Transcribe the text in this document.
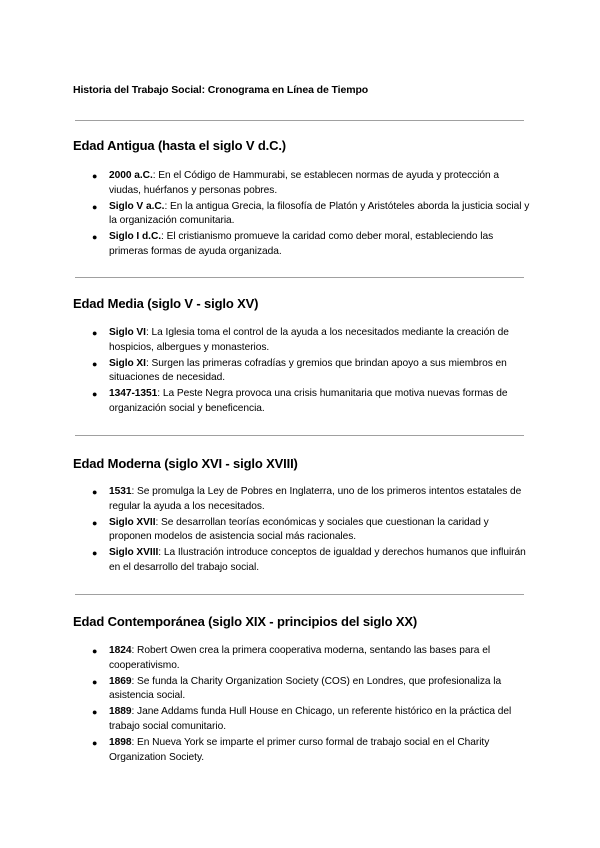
Historia del Trabajo Social: Cronograma en Línea de Tiempo
Edad Antigua (hasta el siglo V d.C.)
● 2000 a.C.: En el Código de Hammurabi, se establecen normas de ayuda y protección a viudas, huérfanos y personas pobres.
● Siglo V a.C.: En la antigua Grecia, la filosofía de Platón y Aristóteles aborda la justicia social y la organización comunitaria.
● Siglo I d.C.: El cristianismo promueve la caridad como deber moral, estableciendo las primeras formas de ayuda organizada.
Edad Media (siglo V - siglo XV)
● Siglo VI: La Iglesia toma el control de la ayuda a los necesitados mediante la creación de hospicios, albergues y monasterios.
● Siglo XI: Surgen las primeras cofradías y gremios que brindan apoyo a sus miembros en situaciones de necesidad.
● 1347-1351: La Peste Negra provoca una crisis humanitaria que motiva nuevas formas de organización social y beneficencia.
Edad Moderna (siglo XVI - siglo XVIII)
● 1531: Se promulga la Ley de Pobres en Inglaterra, uno de los primeros intentos estatales de regular la ayuda a los necesitados.
● Siglo XVII: Se desarrollan teorías económicas y sociales que cuestionan la caridad y proponen modelos de asistencia social más racionales.
● Siglo XVIII: La Ilustración introduce conceptos de igualdad y derechos humanos que influirán en el desarrollo del trabajo social.
Edad Contemporánea (siglo XIX - principios del siglo XX)
● 1824: Robert Owen crea la primera cooperativa moderna, sentando las bases para el cooperativismo.
● 1869: Se funda la Charity Organization Society (COS) en Londres, que profesionaliza la asistencia social.
● 1889: Jane Addams funda Hull House en Chicago, un referente histórico en la práctica del trabajo social comunitario.
● 1898: En Nueva York se imparte el primer curso formal de trabajo social en el Charity Organization Society.
